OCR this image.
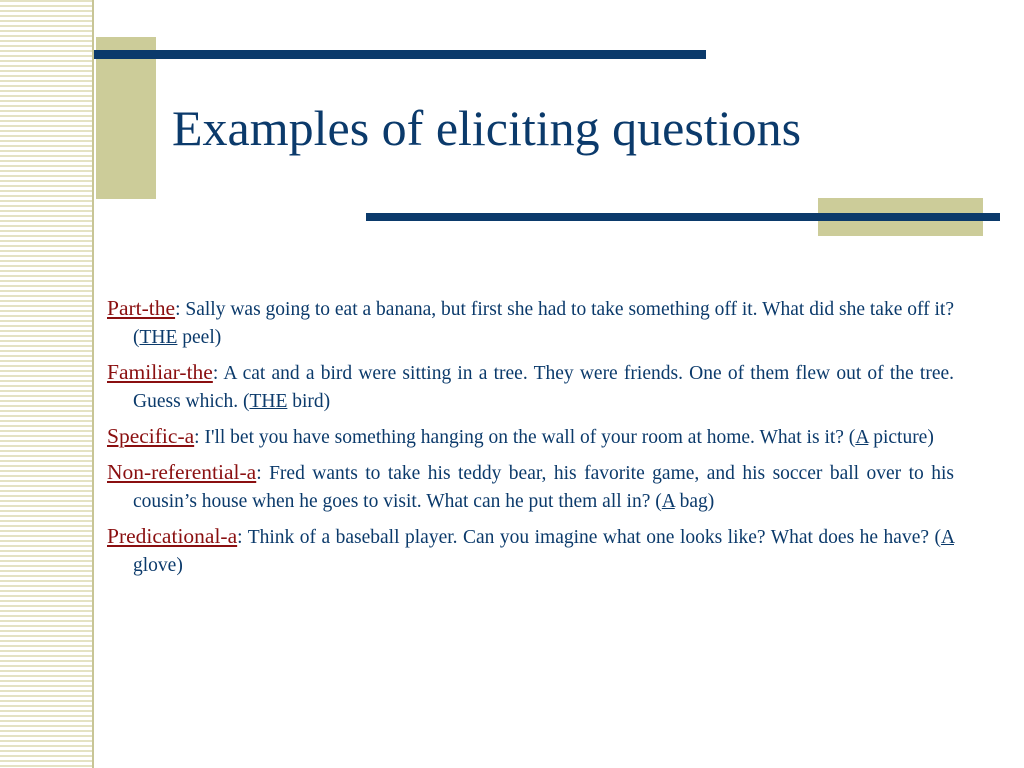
Examples of eliciting questions
Part-the: Sally was going to eat a banana, but first she had to take something off it. What did she take off it? (THE peel)
Familiar-the: A cat and a bird were sitting in a tree. They were friends. One of them flew out of the tree. Guess which. (THE bird)
Specific-a: I'll bet you have something hanging on the wall of your room at home. What is it? (A picture)
Non-referential-a: Fred wants to take his teddy bear, his favorite game, and his soccer ball over to his cousin’s house when he goes to visit. What can he put them all in? (A bag)
Predicational-a: Think of a baseball player. Can you imagine what one looks like? What does he have? (A glove)
